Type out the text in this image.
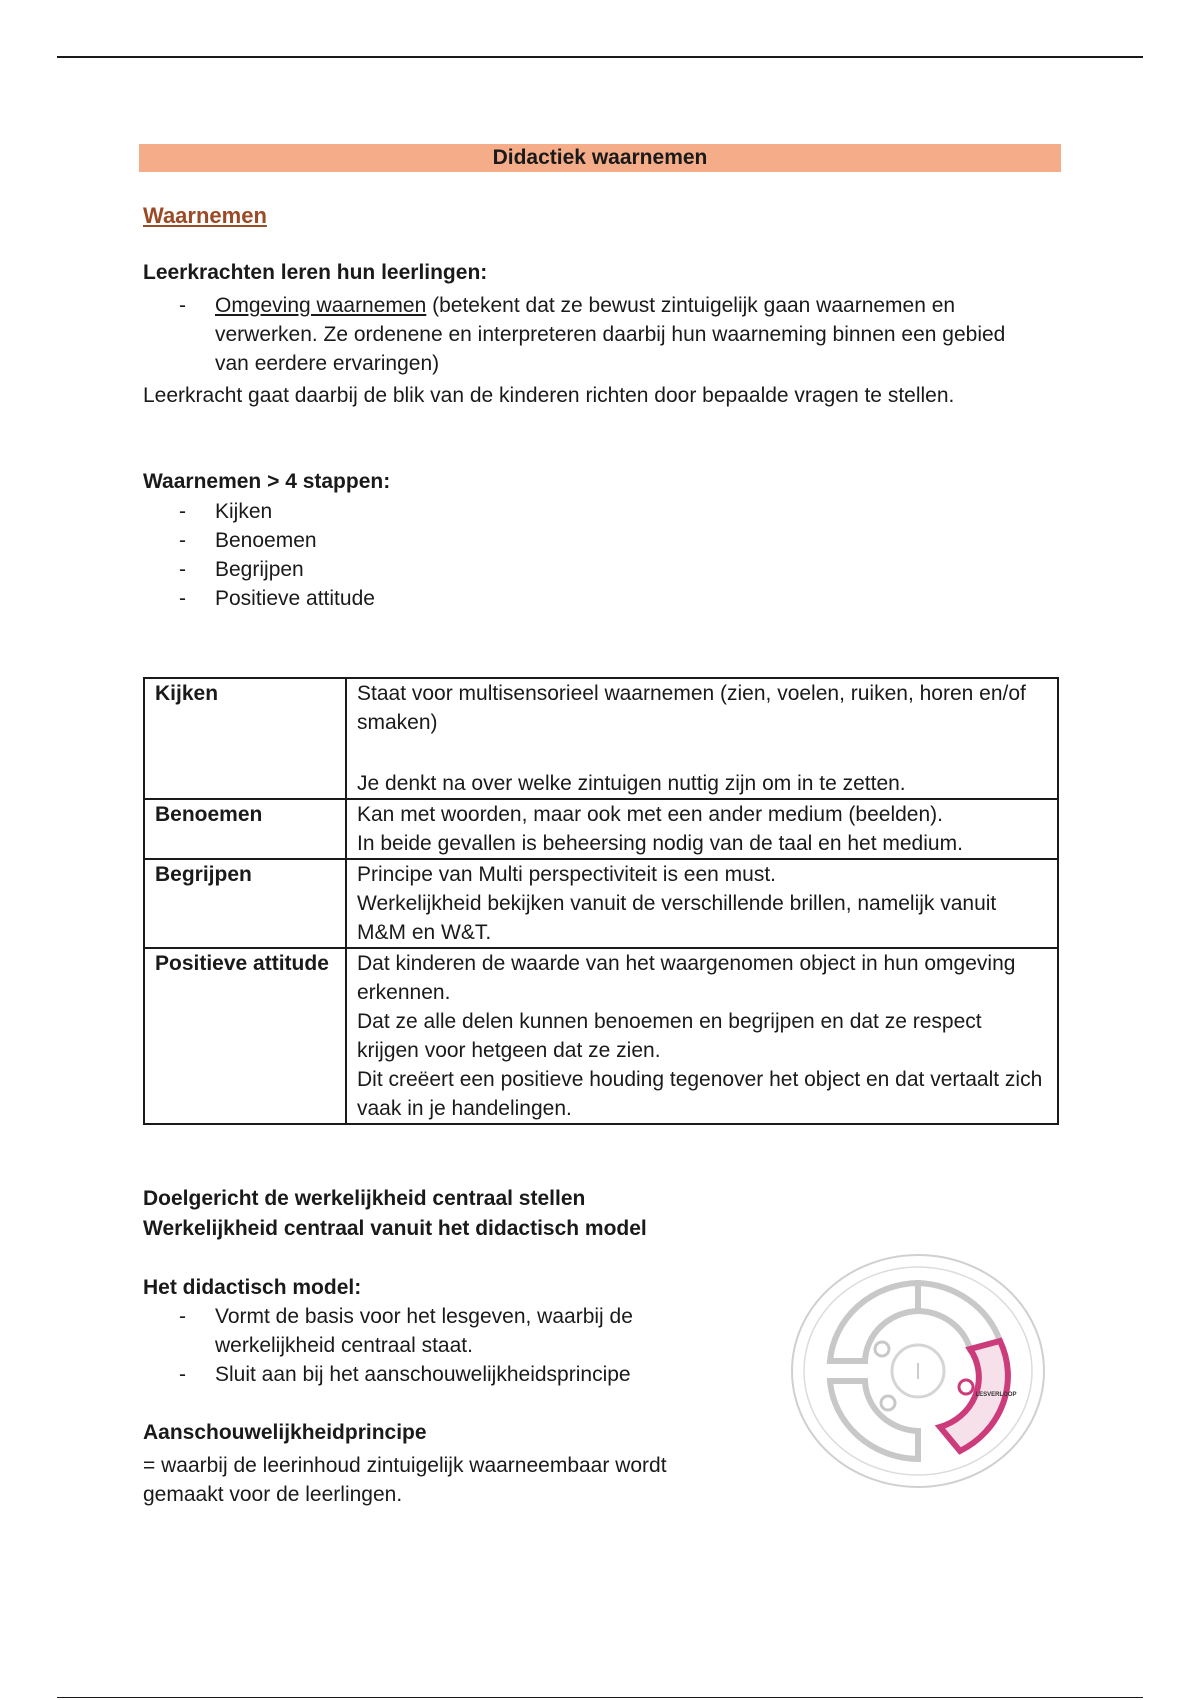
Didactiek waarnemen
Waarnemen
Leerkrachten leren hun leerlingen:
- Omgeving waarnemen (betekent dat ze bewust zintuigelijk gaan waarnemen en verwerken. Ze ordenene en interpreteren daarbij hun waarneming binnen een gebied van eerdere ervaringen)
Leerkracht gaat daarbij de blik van de kinderen richten door bepaalde vragen te stellen.
Waarnemen > 4 stappen:
- Kijken
- Benoemen
- Begrijpen
- Positieve attitude
Kijken	Staat voor multisensorieel waarnemen (zien, voelen, ruiken, horen en/of smaken)
Je denkt na over welke zintuigen nuttig zijn om in te zetten.

Benoemen	Kan met woorden, maar ook met een ander medium (beelden).
In beide gevallen is beheersing nodig van de taal en het medium.

Begrijpen	Principe van Multi perspectiviteit is een must.
Werkelijkheid bekijken vanuit de verschillende brillen, namelijk vanuit M&M en W&T.

Positieve attitude	Dat kinderen de waarde van het waargenomen object in hun omgeving erkennen.
Dat ze alle delen kunnen benoemen en begrijpen en dat ze respect krijgen voor hetgeen dat ze zien.
Dit creëert een positieve houding tegenover het object en dat vertaalt zich vaak in je handelingen.
Doelgericht de werkelijkheid centraal stellen
Werkelijkheid centraal vanuit het didactisch model
Het didactisch model:
- Vormt de basis voor het lesgeven, waarbij de werkelijkheid centraal staat.
- Sluit aan bij het aanschouwelijkheidsprincipe
Aanschouwelijkheidprincipe
= waarbij de leerinhoud zintuigelijk waarneembaar wordt gemaakt voor de leerlingen.
LESVERLOOP
